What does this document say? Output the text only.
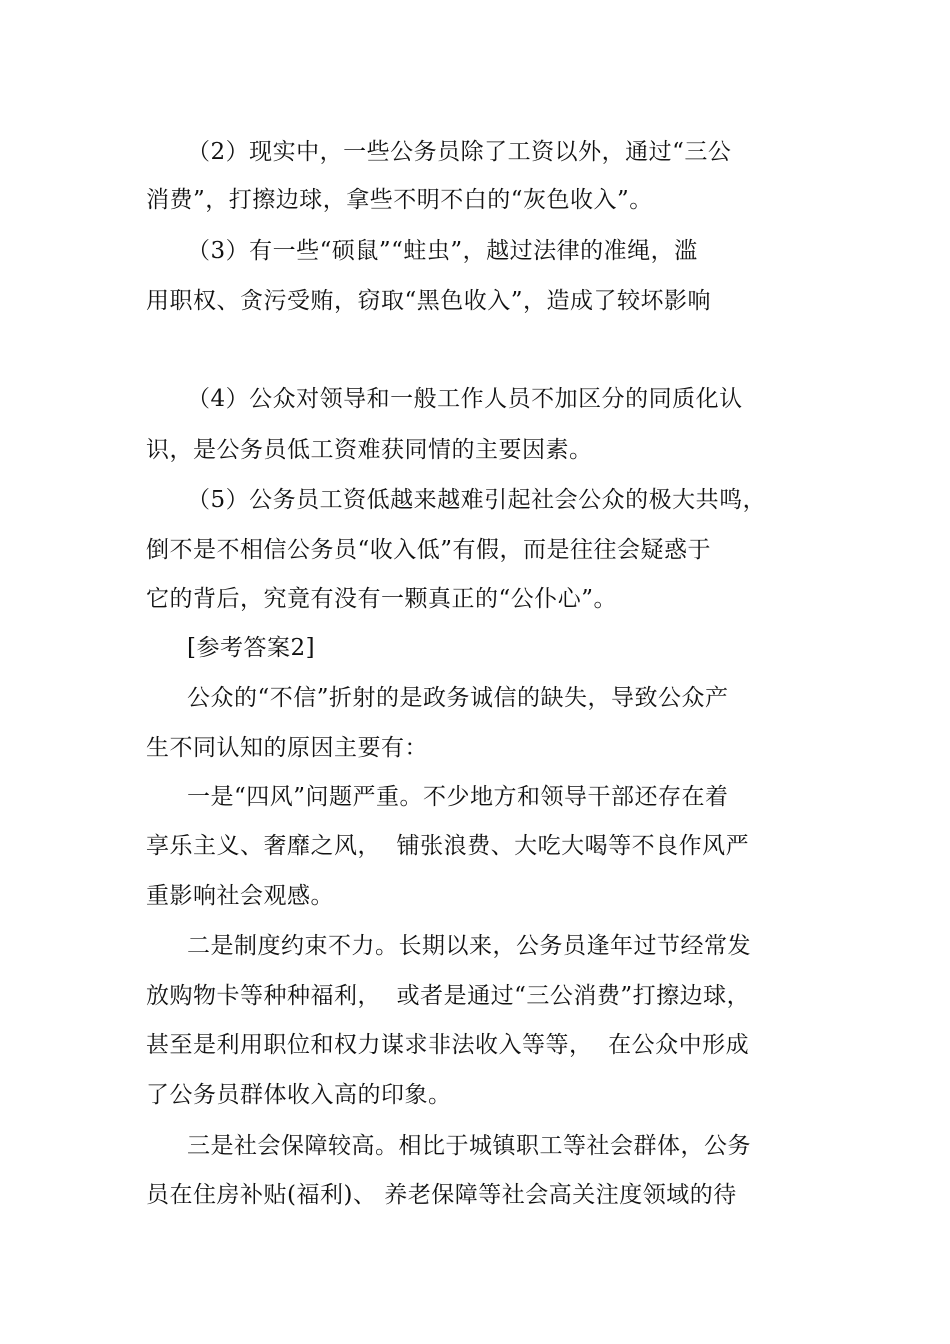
（2）现实中，一些公务员除了工资以外，通过“三公

消费”，打擦边球，拿些不明不白的“灰色收入”。

（3）有一些“硕鼠”“蛀虫”，越过法律的准绳，滥

用职权、贪污受贿，窃取“黑色收入”，造成了较坏影响

（4）公众对领导和一般工作人员不加区分的同质化认

识，是公务员低工资难获同情的主要因素。

（5）公务员工资低越来越难引起社会公众的极大共鸣，

倒不是不相信公务员“收入低”有假，而是往往会疑惑于

它的背后，究竟有没有一颗真正的“公仆心”。

[参考答案2]

公众的“不信”折射的是政务诚信的缺失，导致公众产

生不同认知的原因主要有：

一是“四风”问题严重。不少地方和领导干部还存在着

享乐主义、奢靡之风，  铺张浪费、大吃大喝等不良作风严

重影响社会观感。

二是制度约束不力。长期以来，公务员逢年过节经常发

放购物卡等种种福利，  或者是通过“三公消费”打擦边球，

甚至是利用职位和权力谋求非法收入等等，  在公众中形成

了公务员群体收入高的印象。

三是社会保障较高。相比于城镇职工等社会群体，公务

员在住房补贴(福利)、 养老保障等社会高关注度领域的待
